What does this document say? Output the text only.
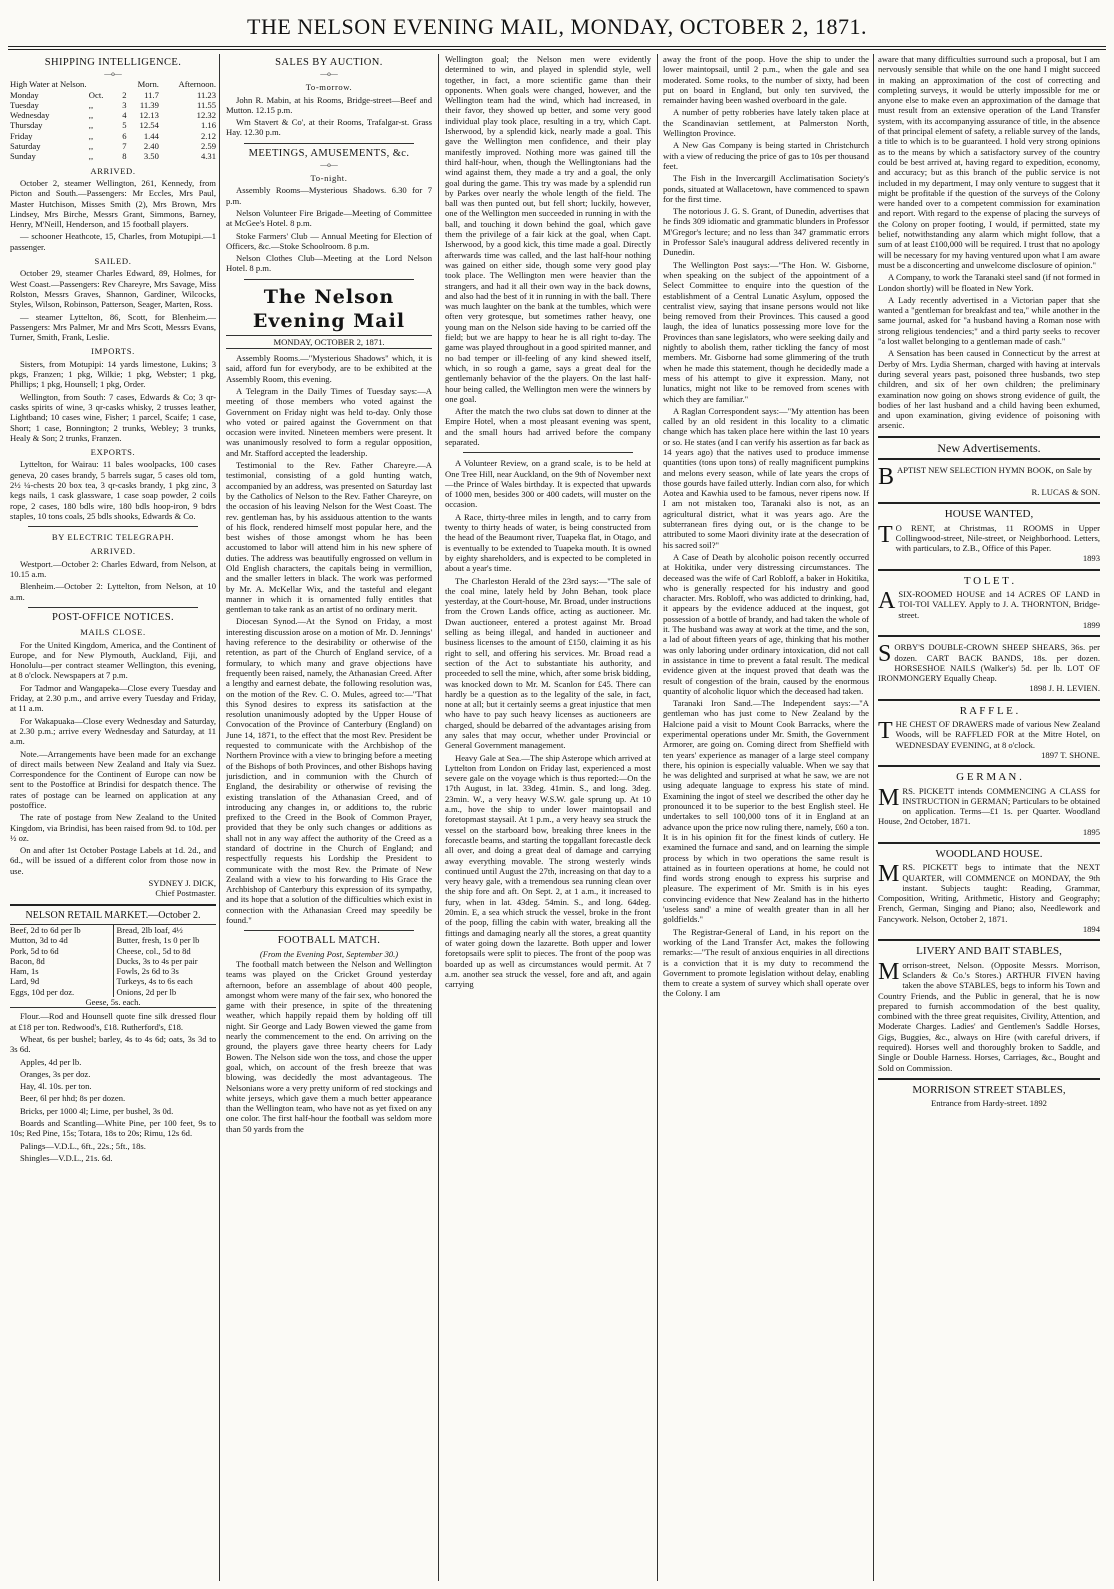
THE NELSON EVENING MAIL, MONDAY, OCTOBER 2, 1871.
SHIPPING INTELLIGENCE.
—o—
High Water at Nelson.			Morn.	Afternoon.
Monday	Oct.	2	11.7	11.23
Tuesday	,,	3	11.39	11.55
Wednesday	,,	4	12.13	12.32
Thursday	,,	5	12.54	1.16
Friday	,,	6	1.44	2.12
Saturday	,,	7	2.40	2.59
Sunday	,,	8	3.50	4.31
ARRIVED.

October 2, steamer Wellington, 261, Kennedy, from Picton and South.—Passengers: Mr Eccles, Mrs Paul, Master Hutchison, Misses Smith (2), Mrs Brown, Mrs Lindsey, Mrs Birche, Messrs Grant, Simmons, Barney, Henry, M'Neill, Henderson, and 15 football players.

— schooner Heathcote, 15, Charles, from Motupipi.—1 passenger.

SAILED.

October 29, steamer Charles Edward, 89, Holmes, for West Coast.—Passengers: Rev Chareyre, Mrs Savage, Miss Rolston, Messrs Graves, Shannon, Gardiner, Wilcocks, Styles, Wilson, Robinson, Patterson, Seager, Marten, Ross.

— steamer Lyttelton, 86, Scott, for Blenheim.—Passengers: Mrs Palmer, Mr and Mrs Scott, Messrs Evans, Turner, Smith, Frank, Leslie.

IMPORTS.

Sisters, from Motupipi: 14 yards limestone, Lukins; 3 pkgs, Franzen; 1 pkg, Wilkie; 1 pkg, Webster; 1 pkg, Phillips; 1 pkg, Hounsell; 1 pkg, Order.

Wellington, from South: 7 cases, Edwards & Co; 3 qr-casks spirits of wine, 3 qr-casks whisky, 2 trusses leather, Lightband; 10 cases wine, Fisher; 1 parcel, Scaife; 1 case, Short; 1 case, Bonnington; 2 trunks, Webley; 3 trunks, Healy & Son; 2 trunks, Franzen.

EXPORTS.

Lyttelton, for Wairau: 11 bales woolpacks, 100 cases geneva, 20 cases brandy, 5 barrels sugar, 5 cases old tom, 2½ ¼-chests 20 box tea, 3 qr-casks brandy, 1 pkg zinc, 3 kegs nails, 1 cask glassware, 1 case soap powder, 2 coils rope, 2 cases, 180 bdls wire, 180 bdls hoop-iron, 9 bdrs staples, 10 tons coals, 25 bdls shooks, Edwards & Co.

BY ELECTRIC TELEGRAPH.
ARRIVED.

Westport.—October 2: Charles Edward, from Nelson, at 10.15 a.m.

Blenheim.—October 2: Lyttelton, from Nelson, at 10 a.m.

POST-OFFICE NOTICES.
MAILS CLOSE.

For the United Kingdom, America, and the Continent of Europe, and for New Plymouth, Auckland, Fiji, and Honolulu—per contract steamer Wellington, this evening, at 8 o'clock. Newspapers at 7 p.m.

For Tadmor and Wangapeka—Close every Tuesday and Friday, at 2.30 p.m., and arrive every Tuesday and Friday, at 11 a.m.

For Wakapuaka—Close every Wednesday and Saturday, at 2.30 p.m.; arrive every Wednesday and Saturday, at 11 a.m.

Note.—Arrangements have been made for an exchange of direct mails between New Zealand and Italy via Suez. Correspondence for the Continent of Europe can now be sent to the Postoffice at Brindisi for despatch thence. The rates of postage can be learned on application at any postoffice.

The rate of postage from New Zealand to the United Kingdom, via Brindisi, has been raised from 9d. to 10d. per ½ oz.

On and after 1st October Postage Labels at 1d. 2d., and 6d., will be issued of a different color from those now in use.

SYDNEY J. DICK,
Chief Postmaster.
NELSON RETAIL MARKET.—October 2.
Beef, 2d to 6d per lb
Mutton, 3d to 4d
Pork, 5d to 6d
Bacon, 8d
Ham, 1s
Lard, 9d
Eggs, 10d per doz.

Bread, 2lb loaf, 4½
Butter, fresh, 1s 0 per lb
Cheese, col., 5d to 8d
Ducks, 3s to 4s per pair
Fowls, 2s 6d to 3s
Turkeys, 4s to 6s each
Onions, 2d per lb

Geese, 5s. each.

Flour.—Rod and Hounsell quote fine silk dressed flour at £18 per ton. Redwood's, £18. Rutherford's, £18.

Wheat, 6s per bushel; barley, 4s to 4s 6d; oats, 3s 3d to 3s 6d.

Apples, 4d per lb.

Oranges, 3s per doz.

Hay, 4l. 10s. per ton.

Beer, 6l per hhd; 8s per dozen.

Bricks, per 1000 4l; Lime, per bushel, 3s 0d.

Boards and Scantling—White Pine, per 100 feet, 9s to 10s; Red Pine, 15s; Totara, 18s to 20s; Rimu, 12s 6d.

Palings—V.D.L., 6ft., 22s.; 5ft., 18s.

Shingles—V.D.L., 21s. 6d.

SALES BY AUCTION.
—o—
To-morrow.

John R. Mabin, at his Rooms, Bridge-street—Beef and Mutton. 12.15 p.m.

Wm Stavert & Co', at their Rooms, Trafalgar-st. Grass Hay. 12.30 p.m.

MEETINGS, AMUSEMENTS, &c.
—o—
To-night.

Assembly Rooms—Mysterious Shadows. 6.30 for 7 p.m.

Nelson Volunteer Fire Brigade—Meeting of Committee at McGee's Hotel. 8 p.m.

Stoke Farmers' Club — Annual Meeting for Election of Officers, &c.—Stoke Schoolroom. 8 p.m.

Nelson Clothes Club—Meeting at the Lord Nelson Hotel. 8 p.m.

The Nelson Evening Mail
MONDAY, OCTOBER 2, 1871.

Assembly Rooms.—"Mysterious Shadows" which, it is said, afford fun for everybody, are to be exhibited at the Assembly Room, this evening.

A Telegram in the Daily Times of Tuesday says:—A meeting of those members who voted against the Government on Friday night was held to-day. Only those who voted or paired against the Government on that occasion were invited. Nineteen members were present. It was unanimously resolved to form a regular opposition, and Mr. Stafford accepted the leadership.

Testimonial to the Rev. Father Chareyre.—A testimonial, consisting of a gold hunting watch, accompanied by an address, was presented on Saturday last by the Catholics of Nelson to the Rev. Father Chareyre, on the occasion of his leaving Nelson for the West Coast. The rev. gentleman has, by his assiduous attention to the wants of his flock, rendered himself most popular here, and the best wishes of those amongst whom he has been accustomed to labor will attend him in his new sphere of duties. The address was beautifully engrossed on vellum in Old English characters, the capitals being in vermillion, and the smaller letters in black. The work was performed by Mr. A. McKellar Wix, and the tasteful and elegant manner in which it is ornamented fully entitles that gentleman to take rank as an artist of no ordinary merit.

Diocesan Synod.—At the Synod on Friday, a most interesting discussion arose on a motion of Mr. D. Jennings' having reference to the desirability or otherwise of the retention, as part of the Church of England service, of a formulary, to which many and grave objections have frequently been raised, namely, the Athanasian Creed. After a lengthy and earnest debate, the following resolution was, on the motion of the Rev. C. O. Mules, agreed to:—"That this Synod desires to express its satisfaction at the resolution unanimously adopted by the Upper House of Convocation of the Province of Canterbury (England) on June 14, 1871, to the effect that the most Rev. President be requested to communicate with the Archbishop of the Northern Province with a view to bringing before a meeting of the Bishops of both Provinces, and other Bishops having jurisdiction, and in communion with the Church of England, the desirability or otherwise of revising the existing translation of the Athanasian Creed, and of introducing any changes in, or additions to, the rubric prefixed to the Creed in the Book of Common Prayer, provided that they be only such changes or additions as shall not in any way affect the authority of the Creed as a standard of doctrine in the Church of England; and respectfully requests his Lordship the President to communicate with the most Rev. the Primate of New Zealand with a view to his forwarding to His Grace the Archbishop of Canterbury this expression of its sympathy, and its hope that a solution of the difficulties which exist in connection with the Athanasian Creed may speedily be found."

FOOTBALL MATCH.
(From the Evening Post, September 30.)

The football match between the Nelson and Wellington teams was played on the Cricket Ground yesterday afternoon, before an assemblage of about 400 people, amongst whom were many of the fair sex, who honored the game with their presence, in spite of the threatening weather, which happily repaid them by holding off till night. Sir George and Lady Bowen viewed the game from nearly the commencement to the end. On arriving on the ground, the players gave three hearty cheers for Lady Bowen. The Nelson side won the toss, and chose the upper goal, which, on account of the fresh breeze that was blowing, was decidedly the most advantageous. The Nelsonians wore a very pretty uniform of red stockings and white jerseys, which gave them a much better appearance than the Wellington team, who have not as yet fixed on any one color. The first half-hour the football was seldom more than 50 yards from the

Wellington goal; the Nelson men were evidently determined to win, and played in splendid style, well together, in fact, a more scientific game than their opponents. When goals were changed, however, and the Wellington team had the wind, which had increased, in their favor, they showed up better, and some very good individual play took place, resulting in a try, which Capt. Isherwood, by a splendid kick, nearly made a goal. This gave the Wellington men confidence, and their play manifestly improved. Nothing more was gained till the third half-hour, when, though the Wellingtonians had the wind against them, they made a try and a goal, the only goal during the game. This try was made by a splendid run by Parkes over nearly the whole length of the field. The ball was then punted out, but fell short; luckily, however, one of the Wellington men succeeded in running in with the ball, and touching it down behind the goal, which gave them the privilege of a fair kick at the goal, when Capt. Isherwood, by a good kick, this time made a goal. Directly afterwards time was called, and the last half-hour nothing was gained on either side, though some very good play took place. The Wellington men were heavier than the strangers, and had it all their own way in the back downs, and also had the best of it in running in with the ball. There was much laughter on the bank at the tumbles, which were often very grotesque, but sometimes rather heavy, one young man on the Nelson side having to be carried off the field; but we are happy to hear he is all right to-day. The game was played throughout in a good spirited manner, and no bad temper or ill-feeling of any kind shewed itself, which, in so rough a game, says a great deal for the gentlemanly behavior of the the players. On the last half-hour being called, the Wellington men were the winners by one goal.

After the match the two clubs sat down to dinner at the Empire Hotel, when a most pleasant evening was spent, and the small hours had arrived before the company separated.

A Volunteer Review, on a grand scale, is to be held at One Tree Hill, near Auckland, on the 9th of November next—the Prince of Wales birthday. It is expected that upwards of 1000 men, besides 300 or 400 cadets, will muster on the occasion.

A Race, thirty-three miles in length, and to carry from twenty to thirty heads of water, is being constructed from the head of the Beaumont river, Tuapeka flat, in Otago, and is eventually to be extended to Tuapeka mouth. It is owned by eighty shareholders, and is expected to be completed in about a year's time.

The Charleston Herald of the 23rd says:—"The sale of the coal mine, lately held by John Behan, took place yesterday, at the Court-house, Mr. Broad, under instructions from the Crown Lands office, acting as auctioneer. Mr. Dwan auctioneer, entered a protest against Mr. Broad selling as being illegal, and handed in auctioneer and business licenses to the amount of £150, claiming it as his right to sell, and offering his services. Mr. Broad read a section of the Act to substantiate his authority, and proceeded to sell the mine, which, after some brisk bidding, was knocked down to Mr. M. Scanlon for £45. There can hardly be a question as to the legality of the sale, in fact, none at all; but it certainly seems a great injustice that men who have to pay such heavy licenses as auctioneers are charged, should be debarred of the advantages arising from any sales that may occur, whether under Provincial or General Government management.

Heavy Gale at Sea.—The ship Asterope which arrived at Lyttelton from London on Friday last, experienced a most severe gale on the voyage which is thus reported:—On the 17th August, in lat. 33deg. 41min. S., and long. 3deg. 23min. W., a very heavy W.S.W. gale sprung up. At 10 a.m., hove the ship to under lower maintopsail and foretopmast staysail. At 1 p.m., a very heavy sea struck the vessel on the starboard bow, breaking three knees in the forecastle beams, and starting the topgallant forecastle deck all over, and doing a great deal of damage and carrying away everything movable. The strong westerly winds continued until August the 27th, increasing on that day to a very heavy gale, with a tremendous sea running clean over the ship fore and aft. On Sept. 2, at 1 a.m., it increased to fury, when in lat. 43deg. 54min. S., and long. 64deg. 20min. E, a sea which struck the vessel, broke in the front of the poop, filling the cabin with water, breaking all the fittings and damaging nearly all the stores, a great quantity of water going down the lazarette. Both upper and lower foretopsails were split to pieces. The front of the poop was boarded up as well as circumstances would permit. At 7 a.m. another sea struck the vessel, fore and aft, and again carrying

away the front of the poop. Hove the ship to under the lower maintopsail, until 2 p.m., when the gale and sea moderated. Some rooks, to the number of sixty, had been put on board in England, but only ten survived, the remainder having been washed overboard in the gale.

A number of petty robberies have lately taken place at the Scandinavian settlement, at Palmerston North, Wellington Province.

A New Gas Company is being started in Christchurch with a view of reducing the price of gas to 10s per thousand feet.

The Fish in the Invercargill Acclimatisation Society's ponds, situated at Wallacetown, have commenced to spawn for the first time.

The notorious J. G. S. Grant, of Dunedin, advertises that he finds 309 idiomatic and grammatic blunders in Professor M'Gregor's lecture; and no less than 347 grammatic errors in Professor Sale's inaugural address delivered recently in Dunedin.

The Wellington Post says:—"The Hon. W. Gisborne, when speaking on the subject of the appointment of a Select Committee to enquire into the question of the establishment of a Central Lunatic Asylum, opposed the centralist view, saying that insane persons would not like being removed from their Provinces. This caused a good laugh, the idea of lunatics possessing more love for the Provinces than sane legislators, who were seeking daily and nightly to abolish them, rather tickling the fancy of most members. Mr. Gisborne had some glimmering of the truth when he made this statement, though he decidedly made a mess of his attempt to give it expression. Many, not lunatics, might not like to be removed from scenes with which they are familiar."

A Raglan Correspondent says:—"My attention has been called by an old resident in this locality to a climatic change which has taken place here within the last 10 years or so. He states (and I can verify his assertion as far back as 14 years ago) that the natives used to produce immense quantities (tons upon tons) of really magnificent pumpkins and melons every season, while of late years the crops of those gourds have failed utterly. Indian corn also, for which Aotea and Kawhia used to be famous, never ripens now. If I am not mistaken too, Taranaki also is not, as an agricultural district, what it was years ago. Are the subterranean fires dying out, or is the change to be attributed to some Maori divinity irate at the desecration of his sacred soil?"

A Case of Death by alcoholic poison recently occurred at Hokitika, under very distressing circumstances. The deceased was the wife of Carl Robloff, a baker in Hokitika, who is generally respected for his industry and good character. Mrs. Robloff, who was addicted to drinking, had, it appears by the evidence adduced at the inquest, got possession of a bottle of brandy, and had taken the whole of it. The husband was away at work at the time, and the son, a lad of about fifteen years of age, thinking that his mother was only laboring under ordinary intoxication, did not call in assistance in time to prevent a fatal result. The medical evidence given at the inquest proved that death was the result of congestion of the brain, caused by the enormous quantity of alcoholic liquor which the deceased had taken.

Taranaki Iron Sand.—The Independent says:—"A gentleman who has just come to New Zealand by the Halcione paid a visit to Mount Cook Barracks, where the experimental operations under Mr. Smith, the Government Armorer, are going on. Coming direct from Sheffield with ten years' experience as manager of a large steel company there, his opinion is especially valuable. When we say that he was delighted and surprised at what he saw, we are not using adequate language to express his state of mind. Examining the ingot of steel we described the other day he pronounced it to be superior to the best English steel. He undertakes to sell 100,000 tons of it in England at an advance upon the price now ruling there, namely, £60 a ton. It is in his opinion fit for the finest kinds of cutlery. He examined the furnace and sand, and on learning the simple process by which in two operations the same result is attained as in fourteen operations at home, he could not find words strong enough to express his surprise and pleasure. The experiment of Mr. Smith is in his eyes convincing evidence that New Zealand has in the hitherto 'useless sand' a mine of wealth greater than in all her goldfields."

The Registrar-General of Land, in his report on the working of the Land Transfer Act, makes the following remarks:—"The result of anxious enquiries in all directions is a conviction that it is my duty to recommend the Government to promote legislation without delay, enabling them to create a system of survey which shall operate over the Colony. I am

aware that many difficulties surround such a proposal, but I am nervously sensible that while on the one hand I might succeed in making an approximation of the cost of correcting and completing surveys, it would be utterly impossible for me or anyone else to make even an approximation of the damage that must result from an extensive operation of the Land Transfer system, with its accompanying assurance of title, in the absence of that principal element of safety, a reliable survey of the lands, a title to which is to be guaranteed. I hold very strong opinions as to the means by which a satisfactory survey of the country could be best arrived at, having regard to expedition, economy, and accuracy; but as this branch of the public service is not included in my department, I may only venture to suggest that it might be profitable if the question of the surveys of the Colony were handed over to a competent commission for examination and report. With regard to the expense of placing the surveys of the Colony on proper footing, I would, if permitted, state my belief, notwithstanding any alarm which might follow, that a sum of at least £100,000 will be required. I trust that no apology will be necessary for my having ventured upon what I am aware must be a disconcerting and unwelcome disclosure of opinion."

A Company, to work the Taranaki steel sand (if not formed in London shortly) will be floated in New York.

A Lady recently advertised in a Victorian paper that she wanted a "gentleman for breakfast and tea," while another in the same journal, asked for "a husband having a Roman nose with strong religious tendencies;" and a third party seeks to recover "a lost wallet belonging to a gentleman made of cash."

A Sensation has been caused in Connecticut by the arrest at Derby of Mrs. Lydia Sherman, charged with having at intervals during several years past, poisoned three husbands, two step children, and six of her own children; the preliminary examination now going on shows strong evidence of guilt, the bodies of her last husband and a child having been exhumed, and upon examination, giving evidence of poisoning with arsenic.

New Advertisements.
BAPTIST NEW SELECTION HYMN BOOK, on Sale by
R. LUCAS & SON.
HOUSE WANTED,
T O RENT, at Christmas, 11 ROOMS in Upper Collingwood-street, Nile-street, or Neighborhood. Letters, with particulars, to Z.B., Office of this Paper.
1893
T O L E T .
A SIX-ROOMED HOUSE and 14 ACRES OF LAND in TOI-TOI VALLEY. Apply to J. A. THORNTON, Bridge-street.
1899
SORBY'S DOUBLE-CROWN SHEEP SHEARS, 36s. per dozen. CART BACK BANDS, 18s. per dozen. HORSESHOE NAILS (Walker's) 5d. per lb. LOT OF IRONMONGERY Equally Cheap.
1898 J. H. LEVIEN.
R A F F L E .
THE CHEST OF DRAWERS made of various New Zealand Woods, will be RAFFLED FOR at the Mitre Hotel, on WEDNESDAY EVENING, at 8 o'clock.
1897 T. SHONE.
G E R M A N .
MRS. PICKETT intends COMMENCING A CLASS for INSTRUCTION in GERMAN; Particulars to be obtained on application. Terms—£1 1s. per Quarter. Woodland House, 2nd October, 1871.
1895
WOODLAND HOUSE.
MRS. PICKETT begs to intimate that the NEXT QUARTER, will COMMENCE on MONDAY, the 9th instant. Subjects taught: Reading, Grammar, Composition, Writing, Arithmetic, History and Geography; French, German, Singing and Piano; also, Needlework and Fancywork. Nelson, October 2, 1871.
1894
LIVERY AND BAIT STABLES,
Morrison-street, Nelson. (Opposite Messrs. Morrison, Sclanders & Co.'s Stores.) ARTHUR FIVEN having taken the above STABLES, begs to inform his Town and Country Friends, and the Public in general, that he is now prepared to furnish accommodation of the best quality, combined with the three great requisites, Civility, Attention, and Moderate Charges. Ladies' and Gentlemen's Saddle Horses, Gigs, Buggies, &c., always on Hire (with careful drivers, if required). Horses well and thoroughly broken to Saddle, and Single or Double Harness. Horses, Carriages, &c., Bought and Sold on Commission.
MORRISON STREET STABLES,
Entrance from Hardy-street. 1892
